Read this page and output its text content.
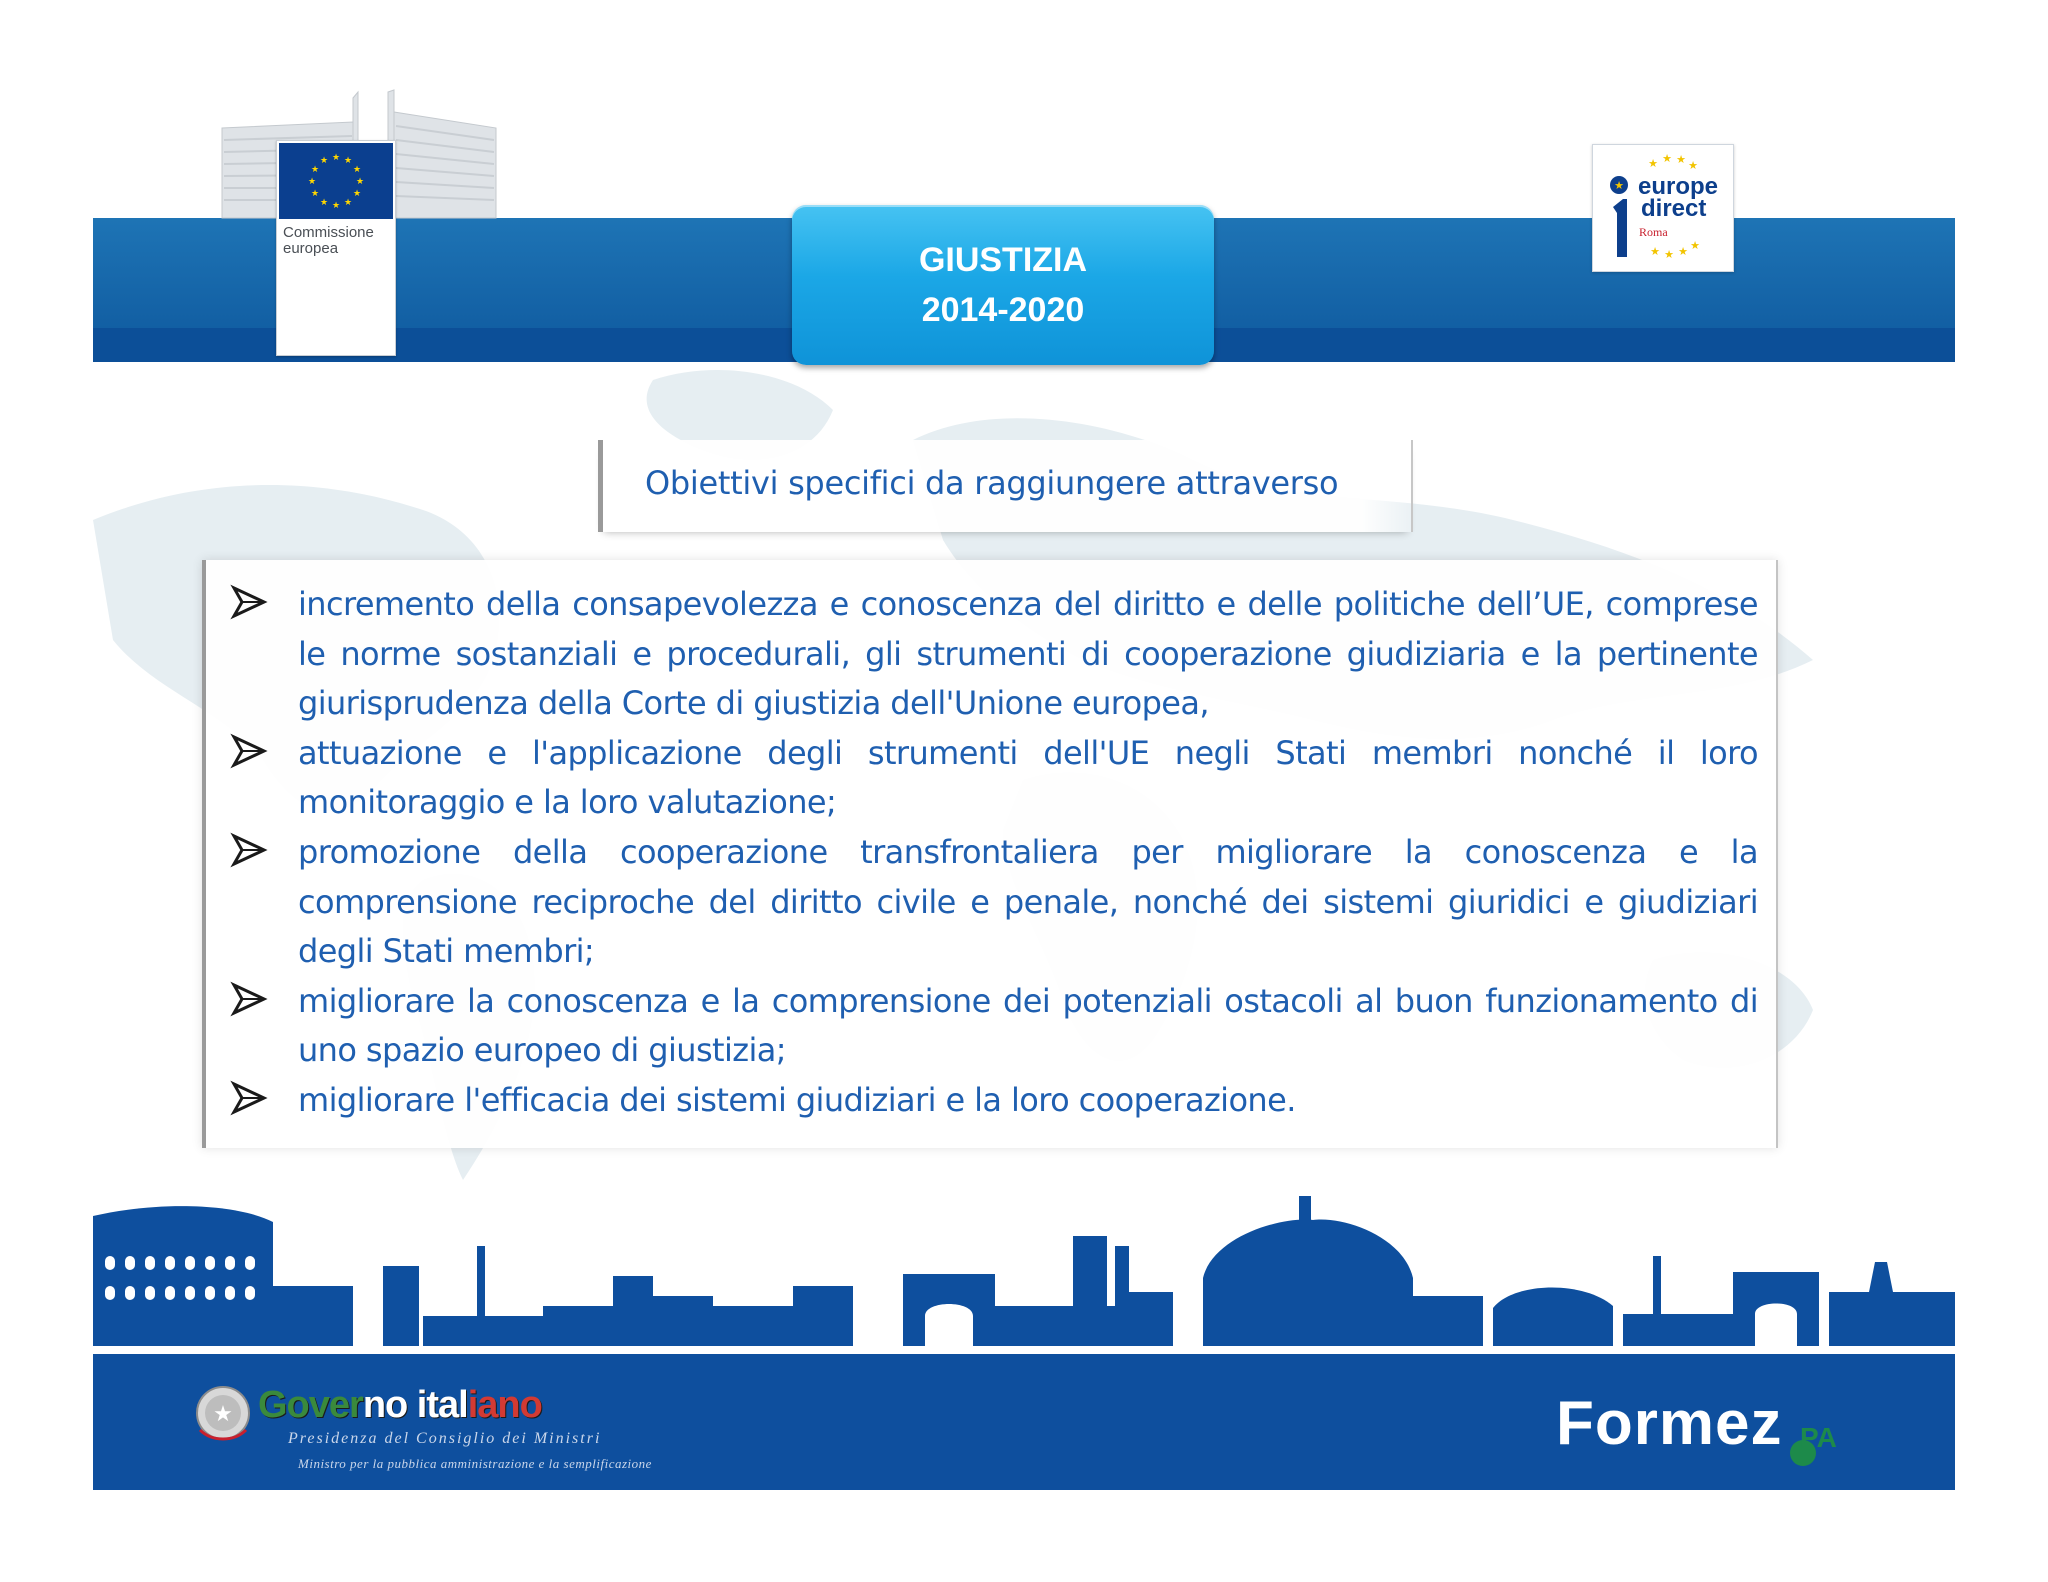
★ ★
★
★
★
★
★
★
★
★
★
★
Commissione
europea
★ ★ ★ ★
★ ★ ★ ★
★ europe
direct
Roma
GIUSTIZIA
2014-2020
Obiettivi specifici da raggiungere attraverso
incremento della consapevolezza e conoscenza del diritto e delle politiche dell’UE, comprese le norme sostanziali e procedurali, gli strumenti di cooperazione giudiziaria e la pertinente giurisprudenza della Corte di giustizia dell'Unione europea,
attuazione e l'applicazione degli strumenti dell'UE negli Stati membri nonché il loro monitoraggio e la loro valutazione;
promozione della cooperazione transfrontaliera per migliorare la conoscenza e la comprensione reciproche del diritto civile e penale, nonché dei sistemi giuridici e giudiziari degli Stati membri;
migliorare la conoscenza e la comprensione dei potenziali ostacoli al buon funzionamento di uno spazio europeo di giustizia;
migliorare l'efficacia dei sistemi giudiziari e la loro cooperazione.
★ Governo italiano
Presidenza del Consiglio dei Ministri
Ministro per la pubblica amministrazione e la semplificazione
Formez PA
